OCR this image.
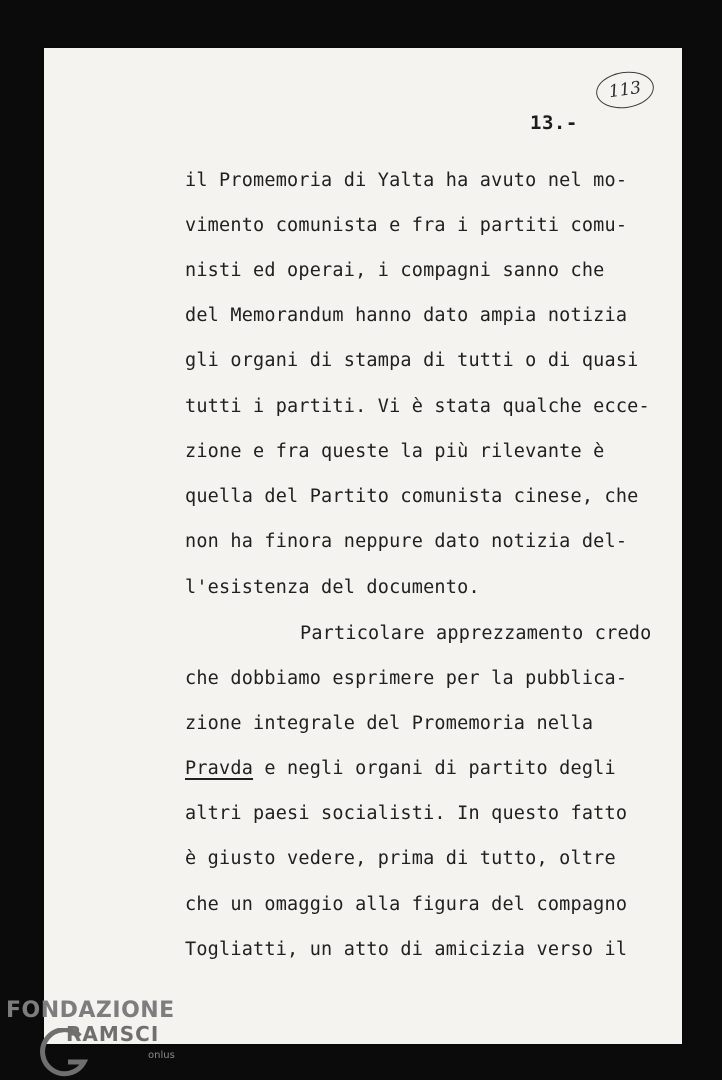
113
13.-
il Promemoria di Yalta ha avuto nel mo-
vimento comunista e fra i partiti comu-
nisti ed operai, i compagni sanno che
del Memorandum hanno dato ampia notizia
gli organi di stampa di tutti o di quasi
tutti i partiti. Vi è stata qualche ecce-
zione e fra queste la più rilevante è
quella del Partito comunista cinese, che
non ha finora neppure dato notizia del-
l'esistenza del documento.
Particolare apprezzamento credo
che dobbiamo esprimere per la pubblica-
zione integrale del Promemoria nella
Pravda e negli organi di partito degli
altri paesi socialisti. In questo fatto
è giusto vedere, prima di tutto, oltre
che un omaggio alla figura del compagno
Togliatti, un atto di amicizia verso il
FONDAZIONE
RAMSCI
onlus
